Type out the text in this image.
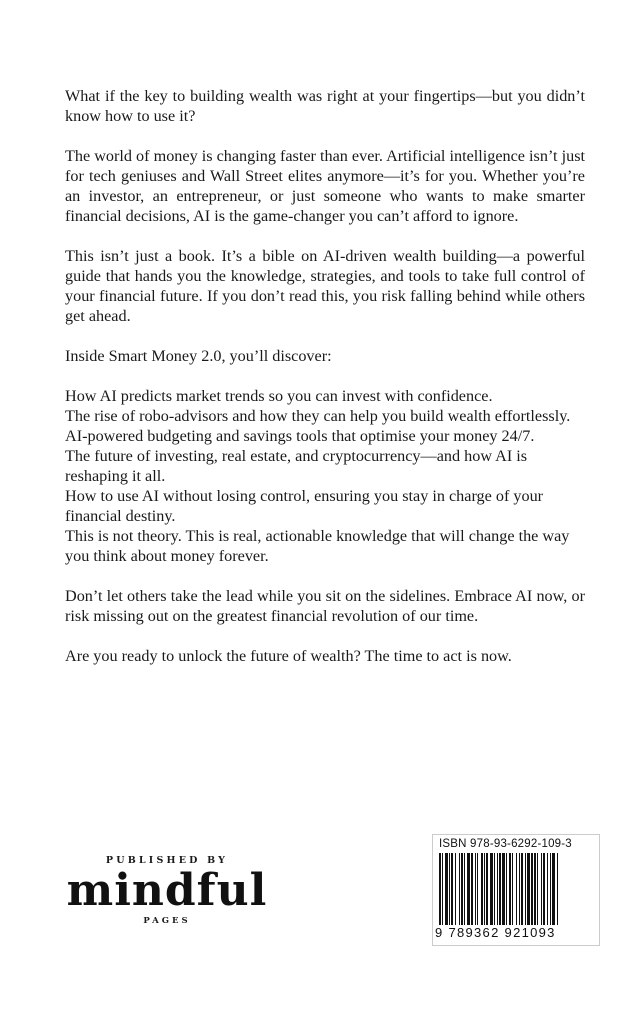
What if the key to building wealth was right at your fingertips—but you didn’t know how to use it?

The world of money is changing faster than ever. Artificial intelligence isn’t just for tech geniuses and Wall Street elites anymore—it’s for you. Whether you’re an investor, an entrepreneur, or just someone who wants to make smarter financial decisions, AI is the game-changer you can’t afford to ignore.

This isn’t just a book. It’s a bible on AI-driven wealth building—a powerful guide that hands you the knowledge, strategies, and tools to take full control of your financial future. If you don’t read this, you risk falling behind while others get ahead.

Inside Smart Money 2.0, you’ll discover:

How AI predicts market trends so you can invest with confidence.
The rise of robo-advisors and how they can help you build wealth effortlessly.
AI-powered budgeting and savings tools that optimise your money 24/7.
The future of investing, real estate, and cryptocurrency—and how AI is reshaping it all.
How to use AI without losing control, ensuring you stay in charge of your financial destiny.
This is not theory. This is real, actionable knowledge that will change the way you think about money forever.

Don’t let others take the lead while you sit on the sidelines. Embrace AI now, or risk missing out on the greatest financial revolution of our time.

Are you ready to unlock the future of wealth? The time to act is now.

PUBLISHED BY
mindful
PAGES
ISBN 978-93-6292-109-3
9 789362 921093
